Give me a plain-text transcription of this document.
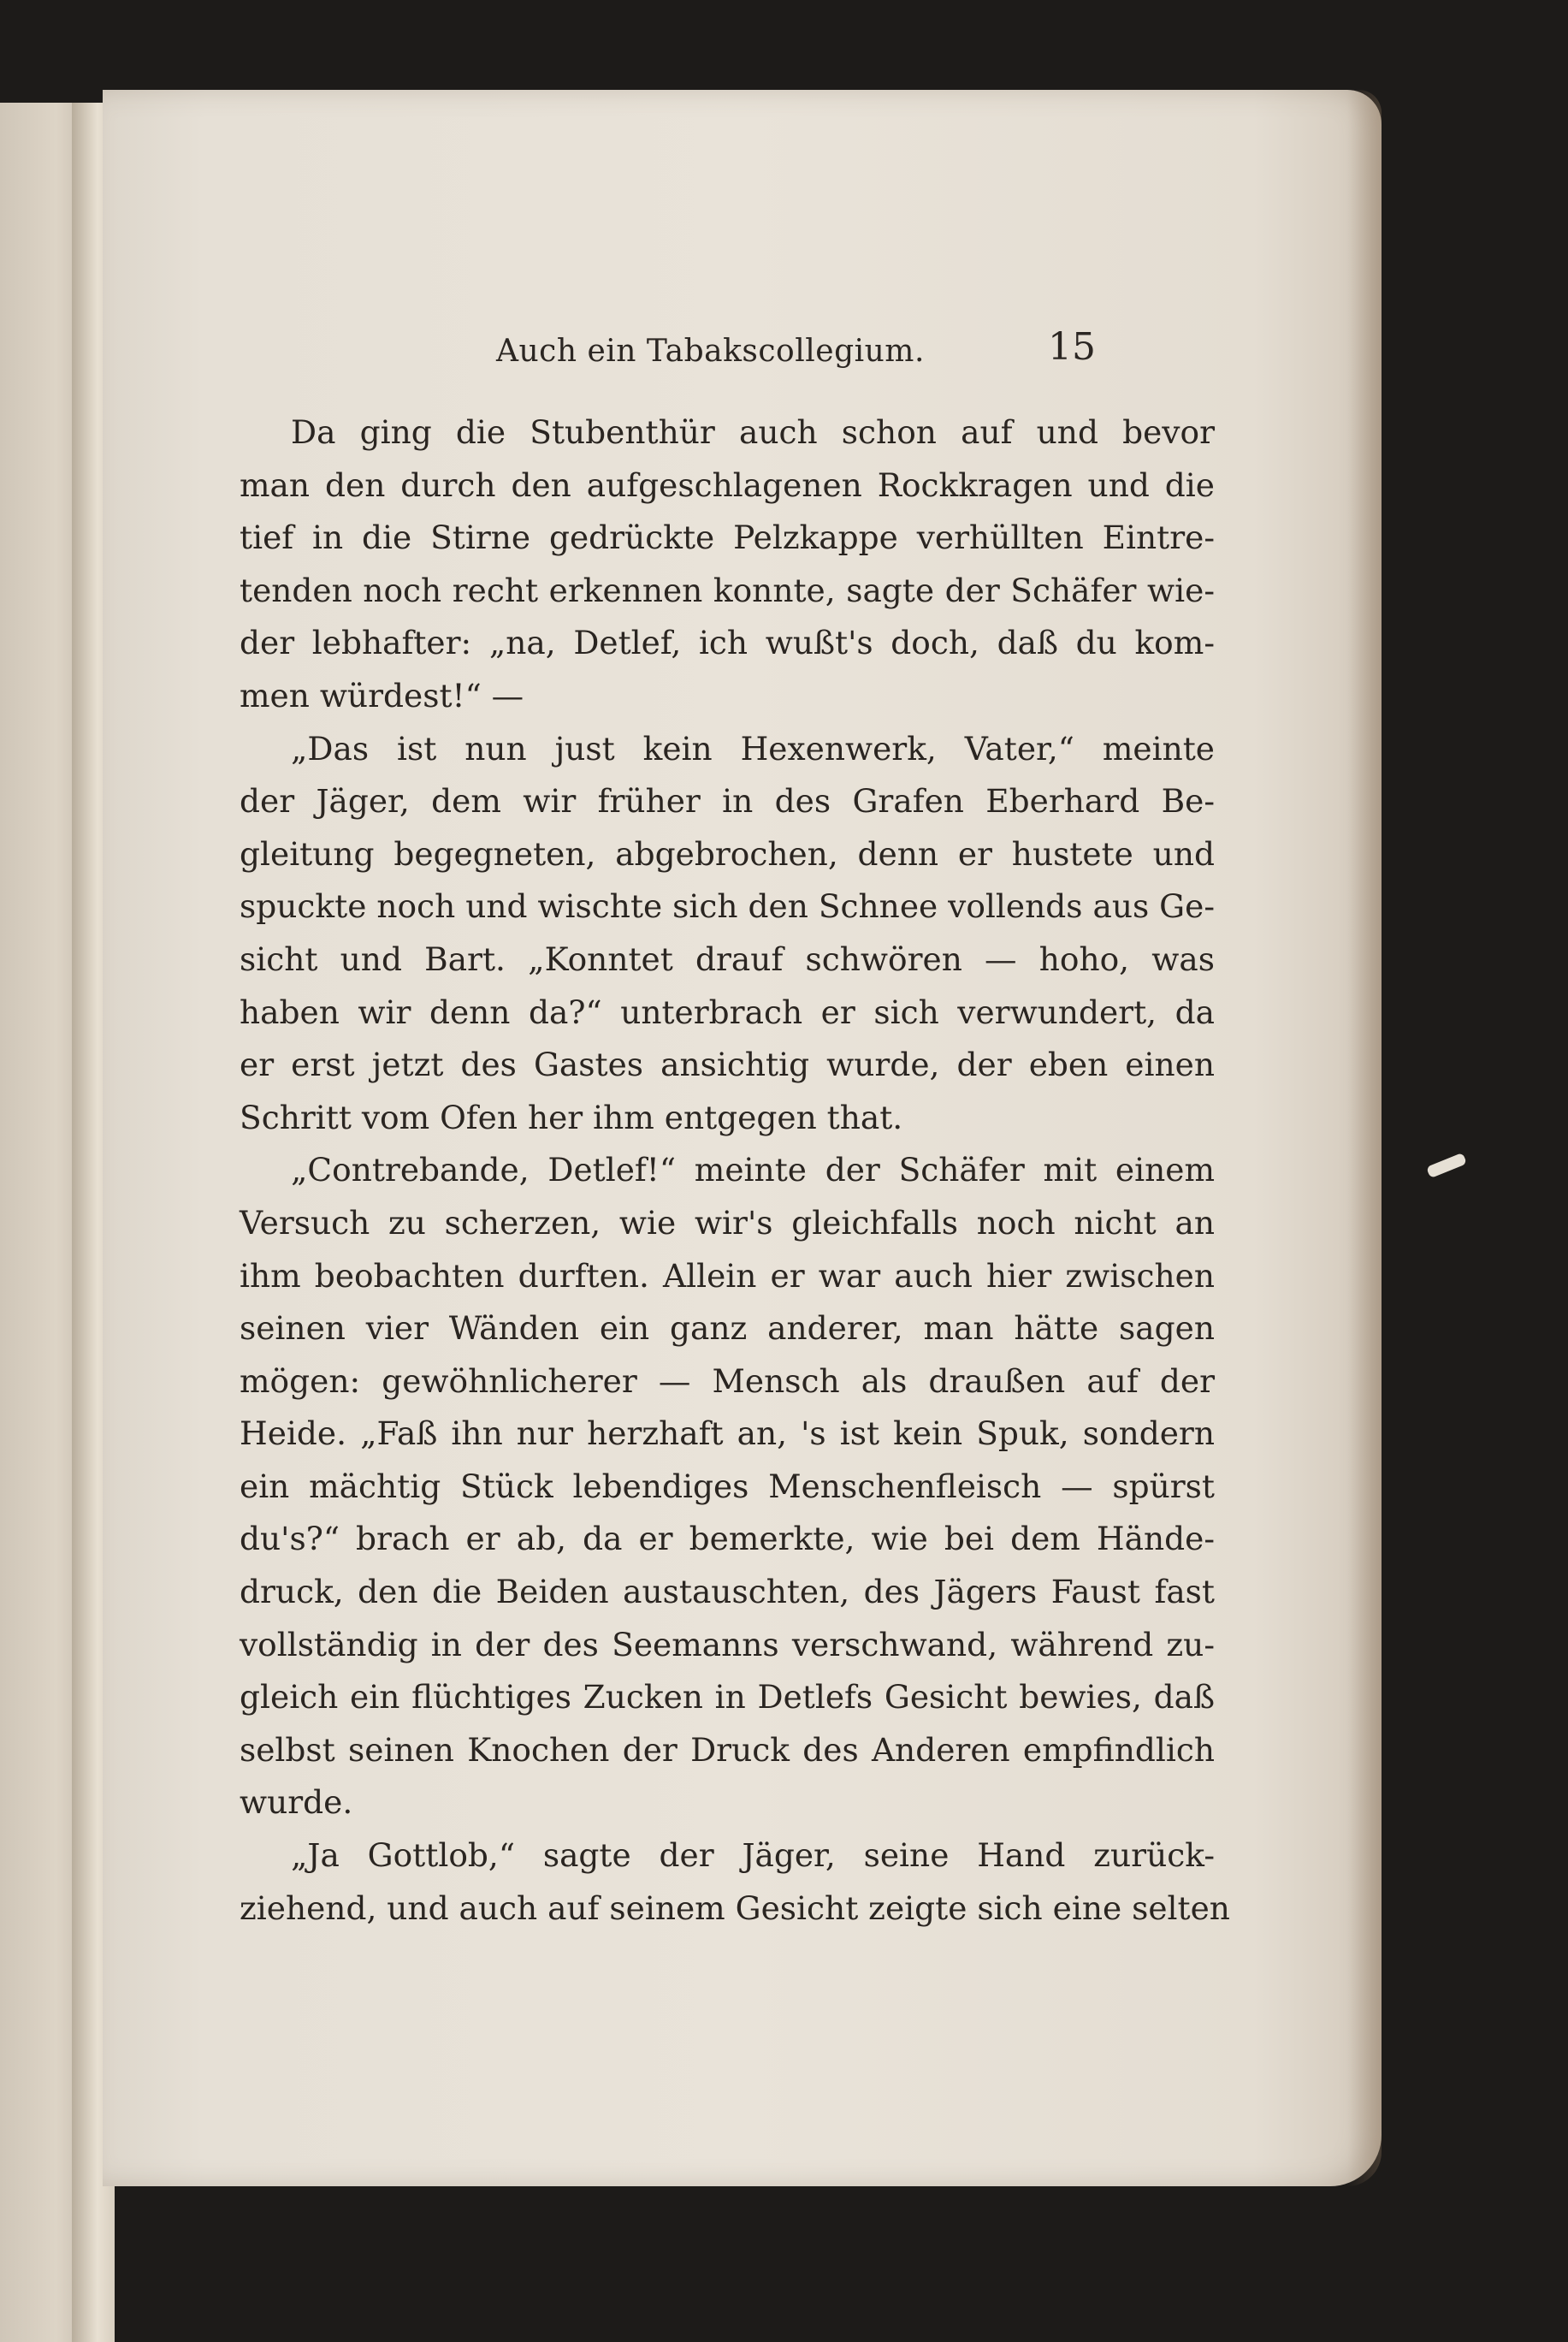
Auch ein Tabakscollegium.	15
Da ging die Stubenthür auch schon auf und bevor
man den durch den aufgeschlagenen Rockkragen und die
tief in die Stirne gedrückte Pelzkappe verhüllten Eintre-
tenden noch recht erkennen konnte, sagte der Schäfer wie-
der lebhafter: „na, Detlef, ich wußt's doch, daß du kom-
men würdest!“ —
„Das ist nun just kein Hexenwerk, Vater,“ meinte
der Jäger, dem wir früher in des Grafen Eberhard Be-
gleitung begegneten, abgebrochen, denn er hustete und
spuckte noch und wischte sich den Schnee vollends aus Ge-
sicht und Bart. „Konntet drauf schwören — hoho, was
haben wir denn da?“ unterbrach er sich verwundert, da
er erst jetzt des Gastes ansichtig wurde, der eben einen
Schritt vom Ofen her ihm entgegen that.
„Contrebande, Detlef!“ meinte der Schäfer mit einem
Versuch zu scherzen, wie wir's gleichfalls noch nicht an
ihm beobachten durften. Allein er war auch hier zwischen
seinen vier Wänden ein ganz anderer, man hätte sagen
mögen: gewöhnlicherer — Mensch als draußen auf der
Heide. „Faß ihn nur herzhaft an, 's ist kein Spuk, sondern
ein mächtig Stück lebendiges Menschenfleisch — spürst
du's?“ brach er ab, da er bemerkte, wie bei dem Hände-
druck, den die Beiden austauschten, des Jägers Faust fast
vollständig in der des Seemanns verschwand, während zu-
gleich ein flüchtiges Zucken in Detlefs Gesicht bewies, daß
selbst seinen Knochen der Druck des Anderen empfindlich
wurde.
„Ja Gottlob,“ sagte der Jäger, seine Hand zurück-
ziehend, und auch auf seinem Gesicht zeigte sich eine selten
